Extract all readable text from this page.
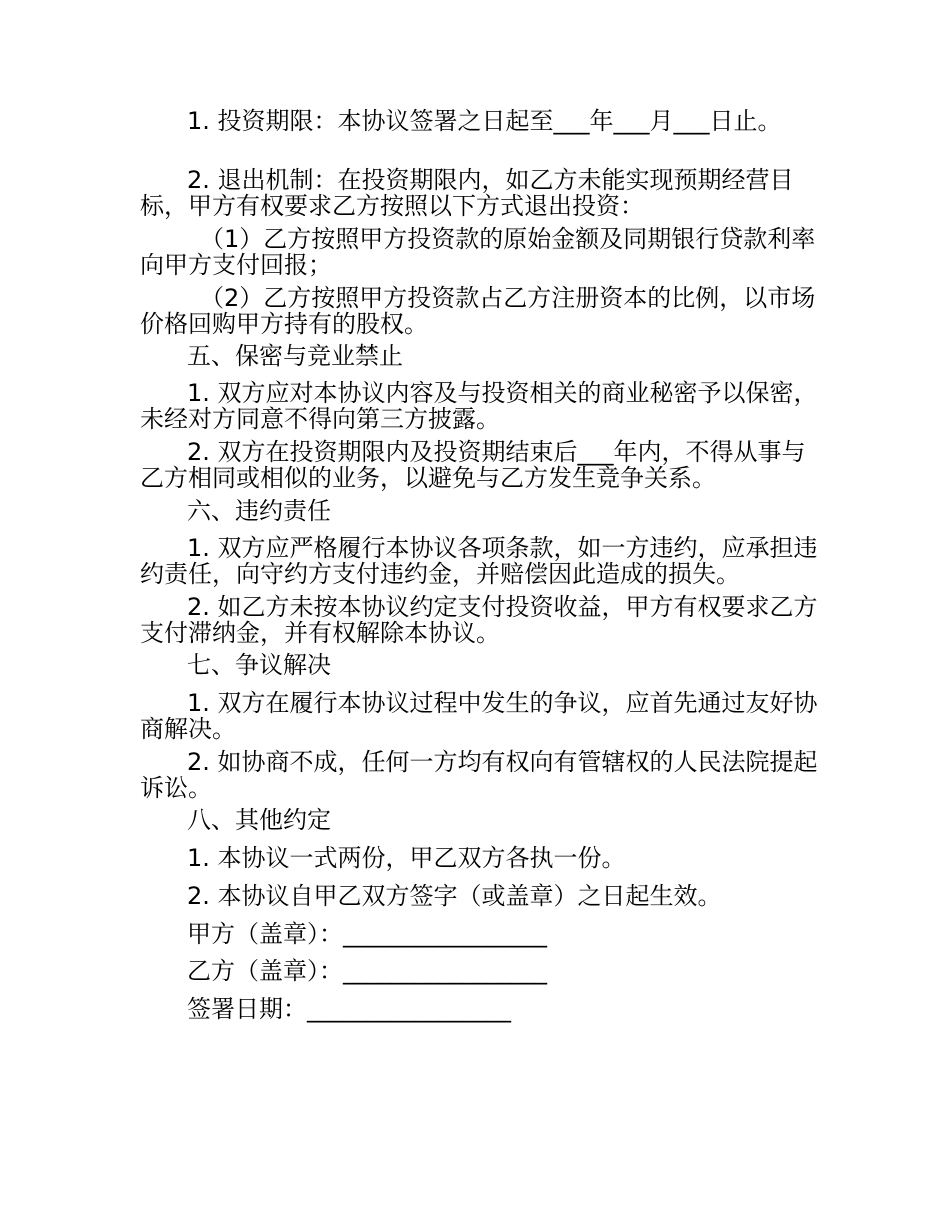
1. 投资期限：本协议签署之日起至___年___月___日止。

2. 退出机制：在投资期限内，如乙方未能实现预期经营目标，甲方有权要求乙方按照以下方式退出投资：

（1）乙方按照甲方投资款的原始金额及同期银行贷款利率向甲方支付回报；

（2）乙方按照甲方投资款占乙方注册资本的比例，以市场价格回购甲方持有的股权。

五、保密与竞业禁止

1. 双方应对本协议内容及与投资相关的商业秘密予以保密，未经对方同意不得向第三方披露。

2. 双方在投资期限内及投资期结束后___年内，不得从事与乙方相同或相似的业务，以避免与乙方发生竞争关系。

六、违约责任

1. 双方应严格履行本协议各项条款，如一方违约，应承担违约责任，向守约方支付违约金，并赔偿因此造成的损失。

2. 如乙方未按本协议约定支付投资收益，甲方有权要求乙方支付滞纳金，并有权解除本协议。

七、争议解决

1. 双方在履行本协议过程中发生的争议，应首先通过友好协商解决。

2. 如协商不成，任何一方均有权向有管辖权的人民法院提起诉讼。

八、其他约定

1. 本协议一式两份，甲乙双方各执一份。

2. 本协议自甲乙双方签字（或盖章）之日起生效。

甲方（盖章）：_________________

乙方（盖章）：_________________

签署日期：_________________
